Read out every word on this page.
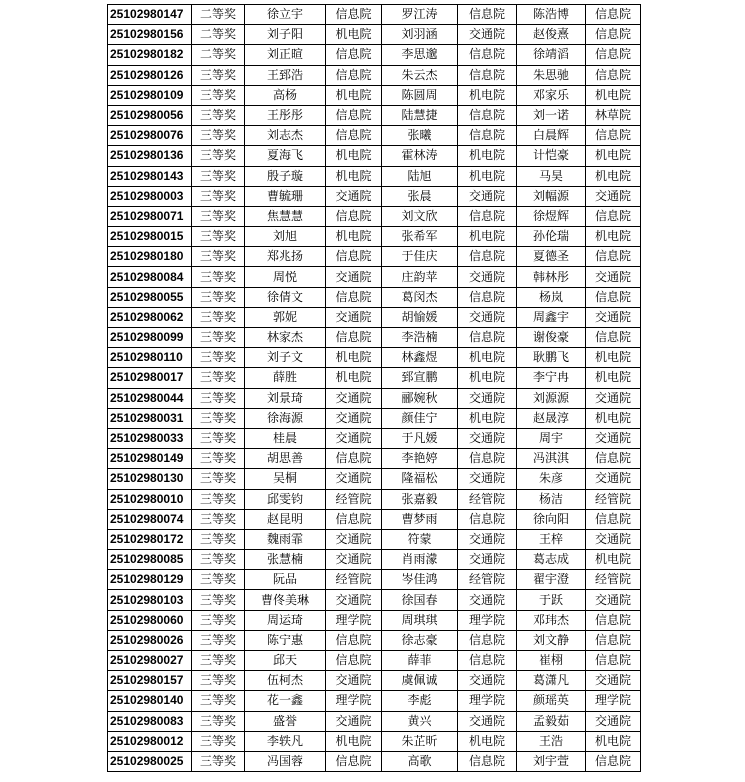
25102980147	二等奖	徐立宇	信息院	罗江涛	信息院	陈浩博	信息院
25102980156	二等奖	刘子阳	机电院	刘羽涵	交通院	赵俊熹	信息院
25102980182	二等奖	刘正暄	信息院	李思邈	信息院	徐靖滔	信息院
25102980126	三等奖	王郅浩	信息院	朱云杰	信息院	朱思驰	信息院
25102980109	三等奖	高杨	机电院	陈圆周	机电院	邓家乐	机电院
25102980056	三等奖	王彤彤	信息院	陆慧捷	信息院	刘一诺	林草院
25102980076	三等奖	刘志杰	信息院	张曦	信息院	白晨辉	信息院
25102980136	三等奖	夏海飞	机电院	霍林涛	机电院	计恺豪	机电院
25102980143	三等奖	殷子璇	机电院	陆旭	机电院	马昊	机电院
25102980003	三等奖	曹毓珊	交通院	张晨	交通院	刘幅源	交通院
25102980071	三等奖	焦慧慧	信息院	刘文欣	信息院	徐煜辉	信息院
25102980015	三等奖	刘旭	机电院	张希军	机电院	孙伦瑞	机电院
25102980180	三等奖	郑兆扬	信息院	于佳庆	信息院	夏德圣	信息院
25102980084	三等奖	周悦	交通院	庄韵苹	交通院	韩林彤	交通院
25102980055	三等奖	徐倩文	信息院	葛闵杰	信息院	杨岚	信息院
25102980062	三等奖	郭妮	交通院	胡愉媛	交通院	周鑫宇	交通院
25102980099	三等奖	林家杰	信息院	李浩楠	信息院	谢俊豪	信息院
25102980110	三等奖	刘子文	机电院	林鑫煜	机电院	耿鹏飞	机电院
25102980017	三等奖	薛胜	机电院	郅宣鹏	机电院	李宁冉	机电院
25102980044	三等奖	刘景琦	交通院	郦婉秋	交通院	刘源源	交通院
25102980031	三等奖	徐海源	交通院	颜佳宁	机电院	赵晟淳	机电院
25102980033	三等奖	桂晨	交通院	于凡媛	交通院	周宇	交通院
25102980149	三等奖	胡思善	信息院	李艳婷	信息院	冯淇淇	信息院
25102980130	三等奖	吴桐	交通院	隆福松	交通院	朱彦	交通院
25102980010	三等奖	邱雯钧	经管院	张嘉毅	经管院	杨洁	经管院
25102980074	三等奖	赵昆明	信息院	曹梦雨	信息院	徐向阳	信息院
25102980172	三等奖	魏雨霏	交通院	符蒙	交通院	王梓	交通院
25102980085	三等奖	张慧楠	交通院	肖雨濛	交通院	葛志成	机电院
25102980129	三等奖	阮品	经管院	岑佳鸿	经管院	翟宇澄	经管院
25102980103	三等奖	曹佟美琳	交通院	徐国春	交通院	于跃	交通院
25102980060	三等奖	周运琦	理学院	周琪琪	理学院	邓玮杰	信息院
25102980026	三等奖	陈宁惠	信息院	徐志豪	信息院	刘文静	信息院
25102980027	三等奖	邱天	信息院	薛菲	信息院	崔栩	信息院
25102980157	三等奖	伍柯杰	交通院	虞佩诚	交通院	葛潇凡	交通院
25102980140	三等奖	花一鑫	理学院	李彪	理学院	颜瑶英	理学院
25102980083	三等奖	盛誉	交通院	黄兴	交通院	孟毅茹	交通院
25102980012	三等奖	李轶凡	机电院	朱芷昕	机电院	王浩	机电院
25102980025	三等奖	冯国蓉	信息院	高歌	信息院	刘宇萱	信息院
